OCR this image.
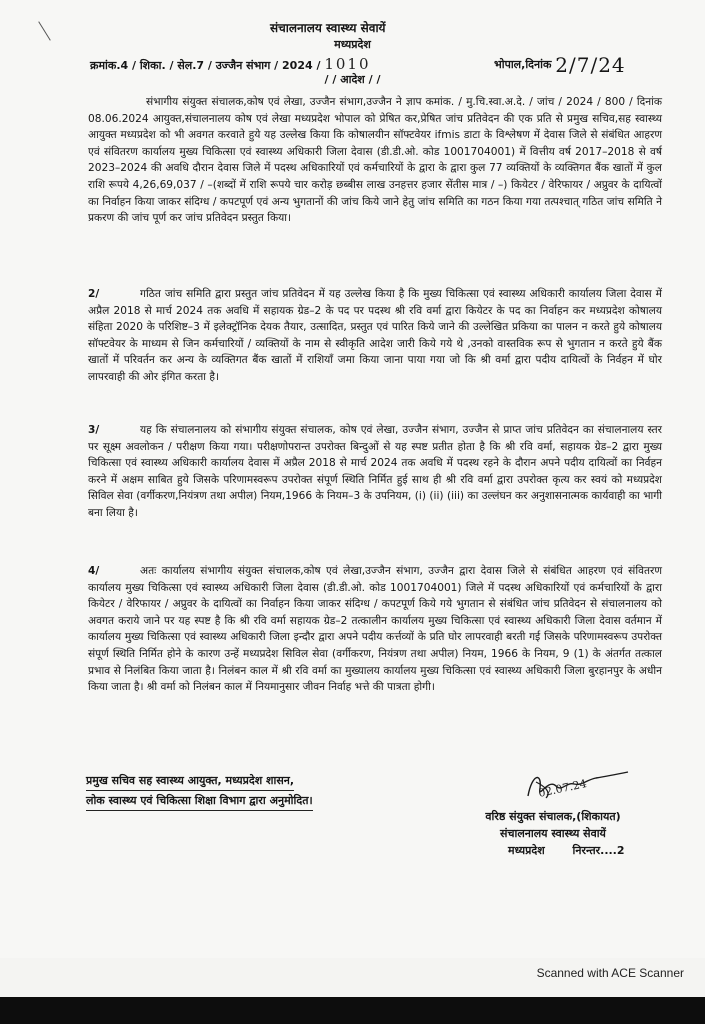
संचालनालय स्वास्थ्य सेवायें
मध्यप्रदेश
क्रमांक.4 / शिका. / सेल.7 / उज्जैन संभाग / 2024 / 1010	भोपाल,दिनांक 2/7/24
/ / आदेश / /
संभागीय संयुक्त संचालक,कोष एवं लेखा, उज्जैन संभाग,उज्जैन ने ज्ञाप कमांक. / मु.चि.स्वा.अ.दे. / जांच / 2024 / 800 / दिनांक 08.06.2024 आयुक्त,संचालनालय कोष एवं लेखा मध्यप्रदेश भोपाल को प्रेषित कर,प्रेषित जांच प्रतिवेदन की एक प्रति से प्रमुख सचिव,सह स्वास्थ्य आयुक्त मध्यप्रदेश को भी अवगत करवाते हुये यह उल्लेख किया कि कोषालयीन सॉफ्टवेयर ifmis डाटा के विश्लेषण में देवास जिले से संबंधित आहरण एवं संवितरण कार्यालय मुख्य चिकित्सा एवं स्वास्थ्य अधिकारी जिला देवास (डी.डी.ओ. कोड 1001704001) में वित्तीय वर्ष 2017–2018 से वर्ष 2023–2024 की अवधि दौरान देवास जिले में पदस्थ अधिकारियों एवं कर्मचारियों के द्वारा के द्वारा कुल 77 व्यक्तियों के व्यक्तिगत बैंक खातों में कुल राशि रूपये 4,26,69,037 / –(शब्दों में राशि रूपये चार करोड़ छब्बीस लाख उनहत्तर हजार सेंतीस मात्र / –) कियेटर / वेरिफायर / अप्रुवर के दायित्वों का निर्वाहन किया जाकर संदिग्ध / कपटपूर्ण एवं अन्य भुगतानों की जांच किये जाने हेतु जांच समिति का गठन किया गया तत्पश्चात् गठित जांच समिति ने प्रकरण की जांच पूर्ण कर जांच प्रतिवेदन प्रस्तुत किया।
2/	गठित जांच समिति द्वारा प्रस्तुत जांच प्रतिवेदन में यह उल्लेख किया है कि मुख्य चिकित्सा एवं स्वास्थ्य अधिकारी कार्यालय जिला देवास में अप्रैल 2018 से मार्च 2024 तक अवधि में सहायक ग्रेड–2 के पद पर पदस्थ श्री रवि वर्मा द्वारा कियेटर के पद का निर्वाहन कर मध्यप्रदेश कोषालय संहिता 2020 के परिशिष्ट–3 में इलेक्ट्रॉनिक देयक तैयार, उत्सादित, प्रस्तुत एवं पारित किये जाने की उल्लेखित प्रकिया का पालन न करते हुये कोषालय सॉफ्टवेयर के माध्यम से जिन कर्मचारियों / व्यक्तियों के नाम से स्वीकृति आदेश जारी किये गये थे ,उनको वास्तविक रूप से भुगतान न करते हुये बैंक खातों में परिवर्तन कर अन्य के व्यक्तिगत बैंक खातों में राशियॉं जमा किया जाना पाया गया जो कि श्री वर्मा द्वारा पदीय दायित्वों के निर्वहन में घोर लापरवाही की ओर इंगित करता है।
3/	यह कि संचालनालय को संभागीय संयुक्त संचालक, कोष एवं लेखा, उज्जैन संभाग, उज्जैन से प्राप्त जांच प्रतिवेदन का संचालनालय स्तर पर सूक्ष्म अवलोकन / परीक्षण किया गया। परीक्षणोपरान्त उपरोक्त बिन्दुओं से यह स्पष्ट प्रतीत होता है कि श्री रवि वर्मा, सहायक ग्रेड–2 द्वारा मुख्य चिकित्सा एवं स्वास्थ्य अधिकारी कार्यालय देवास में अप्रैल 2018 से मार्च 2024 तक अवधि में पदस्थ रहने के दौरान अपने पदीय दायित्वों का निर्वहन करने में अक्षम साबित हुये जिसके परिणामस्वरूप उपरोक्त संपूर्ण स्थिति निर्मित हुई साथ ही श्री रवि वर्मा द्वारा उपरोक्त कृत्य कर स्वयं को मध्यप्रदेश सिविल सेवा (वर्गीकरण,नियंत्रण तथा अपील) नियम,1966 के नियम–3 के उपनियम, (i) (ii) (iii) का उल्लंघन कर अनुशासनात्मक कार्यवाही का भागी बना लिया है।
4/	अतः कार्यालय संभागीय संयुक्त संचालक,कोष एवं लेखा,उज्जैन संभाग, उज्जैन द्वारा देवास जिले से संबंधित आहरण एवं संवितरण कार्यालय मुख्य चिकित्सा एवं स्वास्थ्य अधिकारी जिला देवास (डी.डी.ओ. कोड 1001704001) जिले में पदस्थ अधिकारियों एवं कर्मचारियों के द्वारा कियेटर / वेरिफायर / अप्रुवर के दायित्वों का निर्वाहन किया जाकर संदिग्ध / कपटपूर्ण किये गये भुगतान से संबंधित जांच प्रतिवेदन से संचालनालय को अवगत कराये जाने पर यह स्पष्ट है कि श्री रवि वर्मा सहायक ग्रेड–2 तत्कालीन कार्यालय मुख्य चिकित्सा एवं स्वास्थ्य अधिकारी जिला देवास वर्तमान में कार्यालय मुख्य चिकित्सा एवं स्वास्थ्य अधिकारी जिला इन्दौर द्वारा अपने पदीय कर्त्तव्यों के प्रति घोर लापरवाही बरती गई जिसके परिणामस्वरूप उपरोक्त संपूर्ण स्थिति निर्मित होने के कारण उन्हें मध्यप्रदेश सिविल सेवा (वर्गीकरण, नियंत्रण तथा अपील) नियम, 1966 के नियम, 9 (1) के अंतर्गत तत्काल प्रभाव से निलंबित किया जाता है। निलंबन काल में श्री रवि वर्मा का मुख्यालय कार्यालय मुख्य चिकित्सा एवं स्वास्थ्य अधिकारी जिला बुरहानपुर के अधीन किया जाता है। श्री वर्मा को निलंबन काल में नियमानुसार जीवन निर्वाह भत्ते की पात्रता होगी।
प्रमुख सचिव सह स्वास्थ्य आयुक्त, मध्यप्रदेश शासन,
लोक स्वास्थ्य एवं चिकित्सा शिक्षा विभाग द्वारा अनुमोदित।
02.07.24
वरिष्ठ संयुक्त संचालक,(शिकायत)
संचालनालय स्वास्थ्य सेवायें
मध्यप्रदेश	निरन्तर....2
Scanned with ACE Scanner
